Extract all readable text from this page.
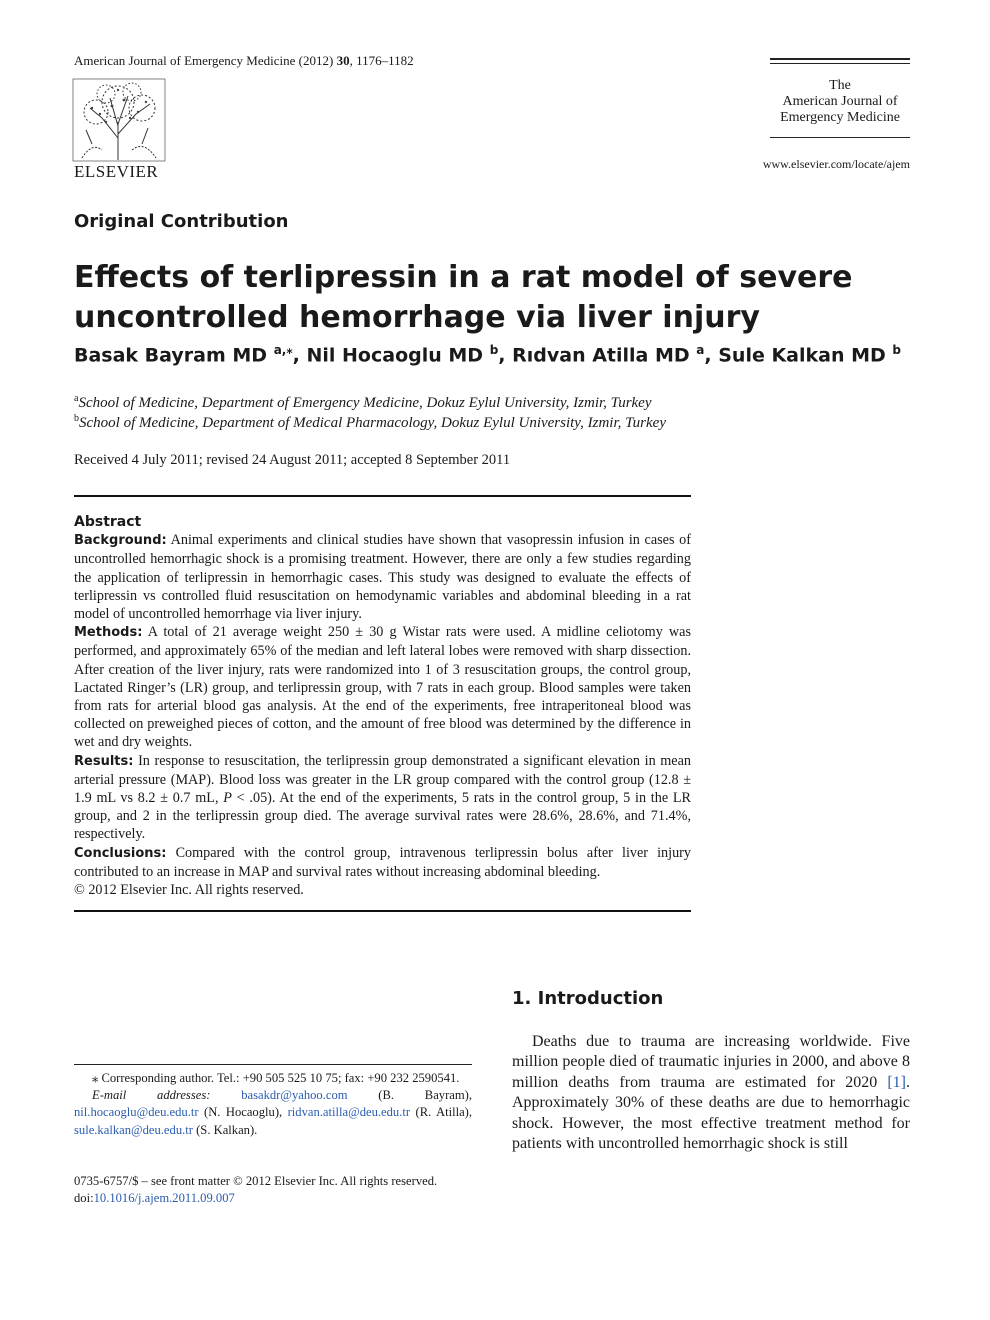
American Journal of Emergency Medicine (2012) 30, 1176–1182
ELSEVIER
The
American Journal of
Emergency Medicine
www.elsevier.com/locate/ajem
Original Contribution
Effects of terlipressin in a rat model of severe uncontrolled hemorrhage via liver injury
Basak Bayram MD $^{a,⁎}$, Nil Hocaoglu MD $^b$, Rıdvan Atilla MD $^a$, Sule Kalkan MD $^b$
$^a$School of Medicine, Department of Emergency Medicine, Dokuz Eylul University, Izmir, Turkey
$^b$School of Medicine, Department of Medical Pharmacology, Dokuz Eylul University, Izmir, Turkey
Received 4 July 2011; revised 24 August 2011; accepted 8 September 2011

Abstract

Background: Animal experiments and clinical studies have shown that vasopressin infusion in cases of uncontrolled hemorrhagic shock is a promising treatment. However, there are only a few studies regarding the application of terlipressin in hemorrhagic cases. This study was designed to evaluate the effects of terlipressin vs controlled fluid resuscitation on hemodynamic variables and abdominal bleeding in a rat model of uncontrolled hemorrhage via liver injury.

Methods: A total of 21 average weight 250 ± 30 g Wistar rats were used. A midline celiotomy was performed, and approximately 65% of the median and left lateral lobes were removed with sharp dissection. After creation of the liver injury, rats were randomized into 1 of 3 resuscitation groups, the control group, Lactated Ringer’s (LR) group, and terlipressin group, with 7 rats in each group. Blood samples were taken from rats for arterial blood gas analysis. At the end of the experiments, free intraperitoneal blood was collected on preweighed pieces of cotton, and the amount of free blood was determined by the difference in wet and dry weights.

Results: In response to resuscitation, the terlipressin group demonstrated a significant elevation in mean arterial pressure (MAP). Blood loss was greater in the LR group compared with the control group (12.8 ± 1.9 mL vs 8.2 ± 0.7 mL, P < .05). At the end of the experiments, 5 rats in the control group, 5 in the LR group, and 2 in the terlipressin group died. The average survival rates were 28.6%, 28.6%, and 71.4%, respectively.

Conclusions: Compared with the control group, intravenous terlipressin bolus after liver injury contributed to an increase in MAP and survival rates without increasing abdominal bleeding.

© 2012 Elsevier Inc. All rights reserved.

1. Introduction
Deaths due to trauma are increasing worldwide. Five million people died of traumatic injuries in 2000, and above 8 million deaths from trauma are estimated for 2020 [1]. Approximately 30% of these deaths are due to hemorrhagic shock. However, the most effective treatment method for patients with uncontrolled hemorrhagic shock is still

⁎ Corresponding author. Tel.: +90 505 525 10 75; fax: +90 232 2590541.

E-mail addresses: basakdr@yahoo.com (B. Bayram), nil.hocaoglu@deu.edu.tr (N. Hocaoglu), ridvan.atilla@deu.edu.tr (R. Atilla), sule.kalkan@deu.edu.tr (S. Kalkan).

0735-6757/$ – see front matter © 2012 Elsevier Inc. All rights reserved.

doi:10.1016/j.ajem.2011.09.007
